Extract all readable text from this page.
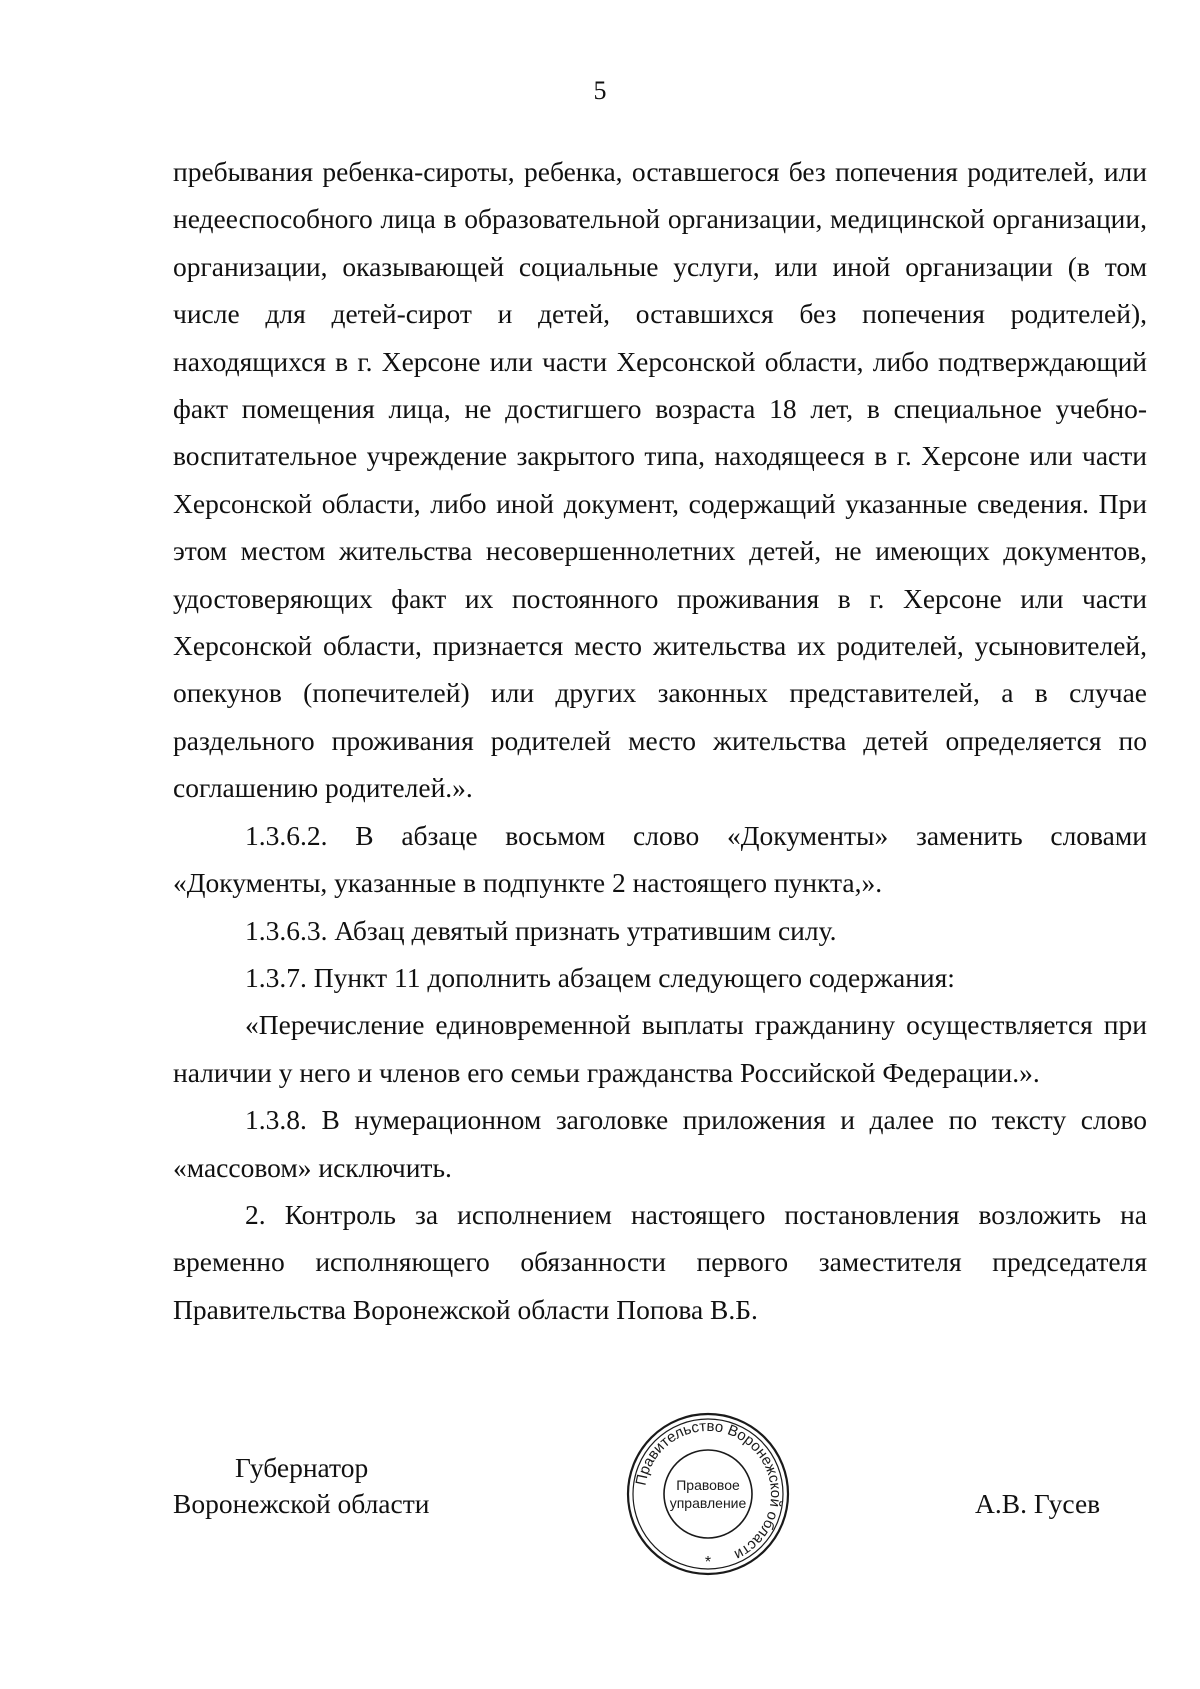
5

пребывания ребенка-сироты, ребенка, оставшегося без попечения родителей, или недееспособного лица в образовательной организации, медицинской организации, организации, оказывающей социальные услуги, или иной организации (в том числе для детей-сирот и детей, оставшихся без попечения родителей), находящихся в г. Херсоне или части Херсонской области, либо подтверждающий факт помещения лица, не достигшего возраста 18 лет, в специальное учебно-воспитательное учреждение закрытого типа, находящееся в г. Херсоне или части Херсонской области, либо иной документ, содержащий указанные сведения. При этом местом жительства несовершеннолетних детей, не имеющих документов, удостоверяющих факт их постоянного проживания в г. Херсоне или части Херсонской области, признается место жительства их родителей, усыновителей, опекунов (попечителей) или других законных представителей, а в случае раздельного проживания родителей место жительства детей определяется по соглашению родителей.».

1.3.6.2. В абзаце восьмом слово «Документы» заменить словами «Документы, указанные в подпункте 2 настоящего пункта,».

1.3.6.3. Абзац девятый признать утратившим силу.

1.3.7. Пункт 11 дополнить абзацем следующего содержания:

«Перечисление единовременной выплаты гражданину осуществляется при наличии у него и членов его семьи гражданства Российской Федерации.».

1.3.8. В нумерационном заголовке приложения и далее по тексту слово «массовом» исключить.

2. Контроль за исполнением настоящего постановления возложить на временно исполняющего обязанности первого заместителя председателя Правительства Воронежской области Попова В.Б.

Губернатор
Воронежской области
Правительство Воронежской области
Правовое
управление
*
А.В. Гусев
